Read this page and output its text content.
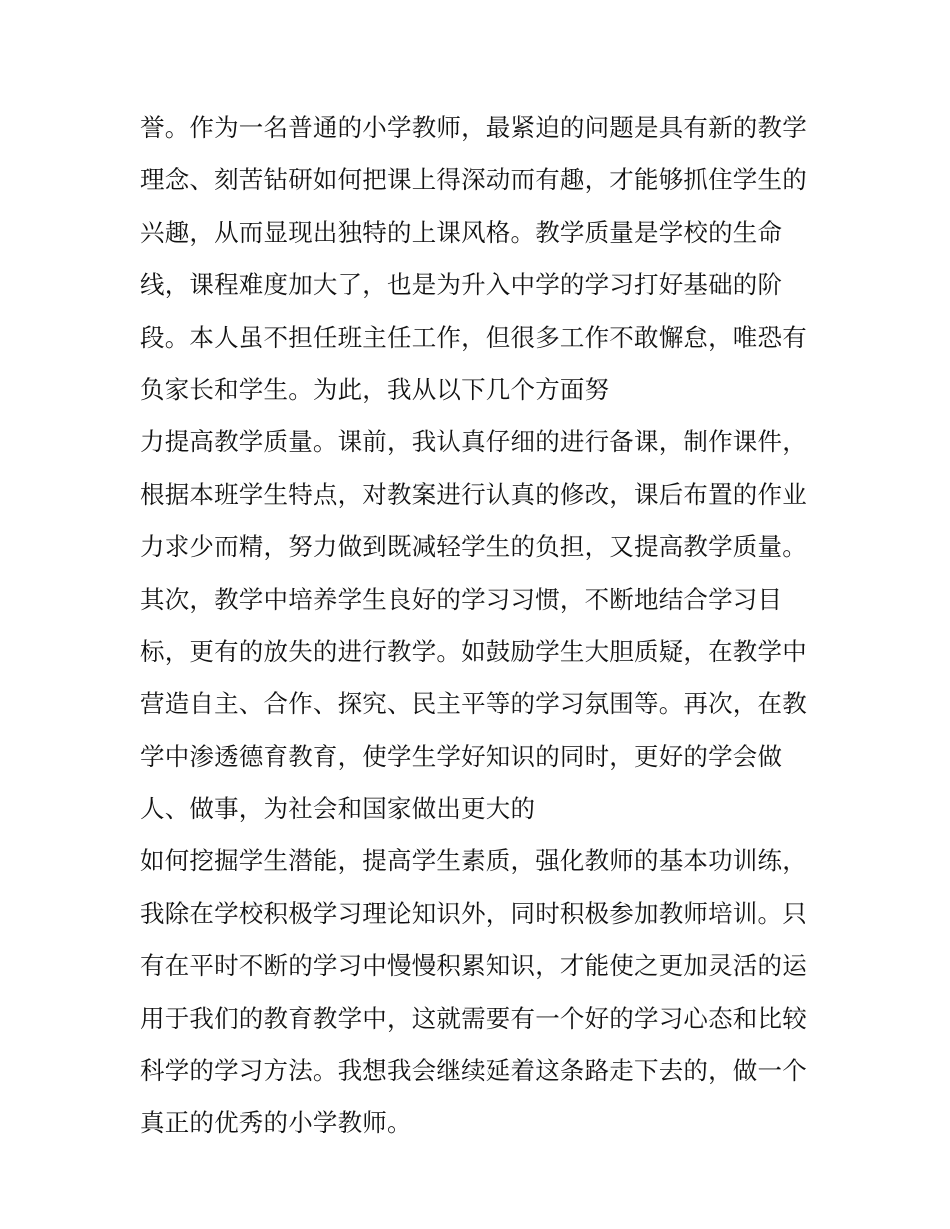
誉。作为一名普通的小学教师，最紧迫的问题是具有新的教学
理念、刻苦钻研如何把课上得深动而有趣，才能够抓住学生的
兴趣，从而显现出独特的上课风格。教学质量是学校的生命
线，课程难度加大了，也是为升入中学的学习打好基础的阶
段。本人虽不担任班主任工作，但很多工作不敢懈怠，唯恐有
负家长和学生。为此，我从以下几个方面努
力提高教学质量。课前，我认真仔细的进行备课，制作课件，
根据本班学生特点，对教案进行认真的修改，课后布置的作业
力求少而精，努力做到既减轻学生的负担，又提高教学质量。
其次，教学中培养学生良好的学习习惯，不断地结合学习目
标，更有的放失的进行教学。如鼓励学生大胆质疑，在教学中
营造自主、合作、探究、民主平等的学习氛围等。再次，在教
学中渗透德育教育，使学生学好知识的同时，更好的学会做
人、做事，为社会和国家做出更大的
如何挖掘学生潜能，提高学生素质，强化教师的基本功训练，
我除在学校积极学习理论知识外，同时积极参加教师培训。只
有在平时不断的学习中慢慢积累知识，才能使之更加灵活的运
用于我们的教育教学中，这就需要有一个好的学习心态和比较
科学的学习方法。我想我会继续延着这条路走下去的，做一个
真正的优秀的小学教师。
